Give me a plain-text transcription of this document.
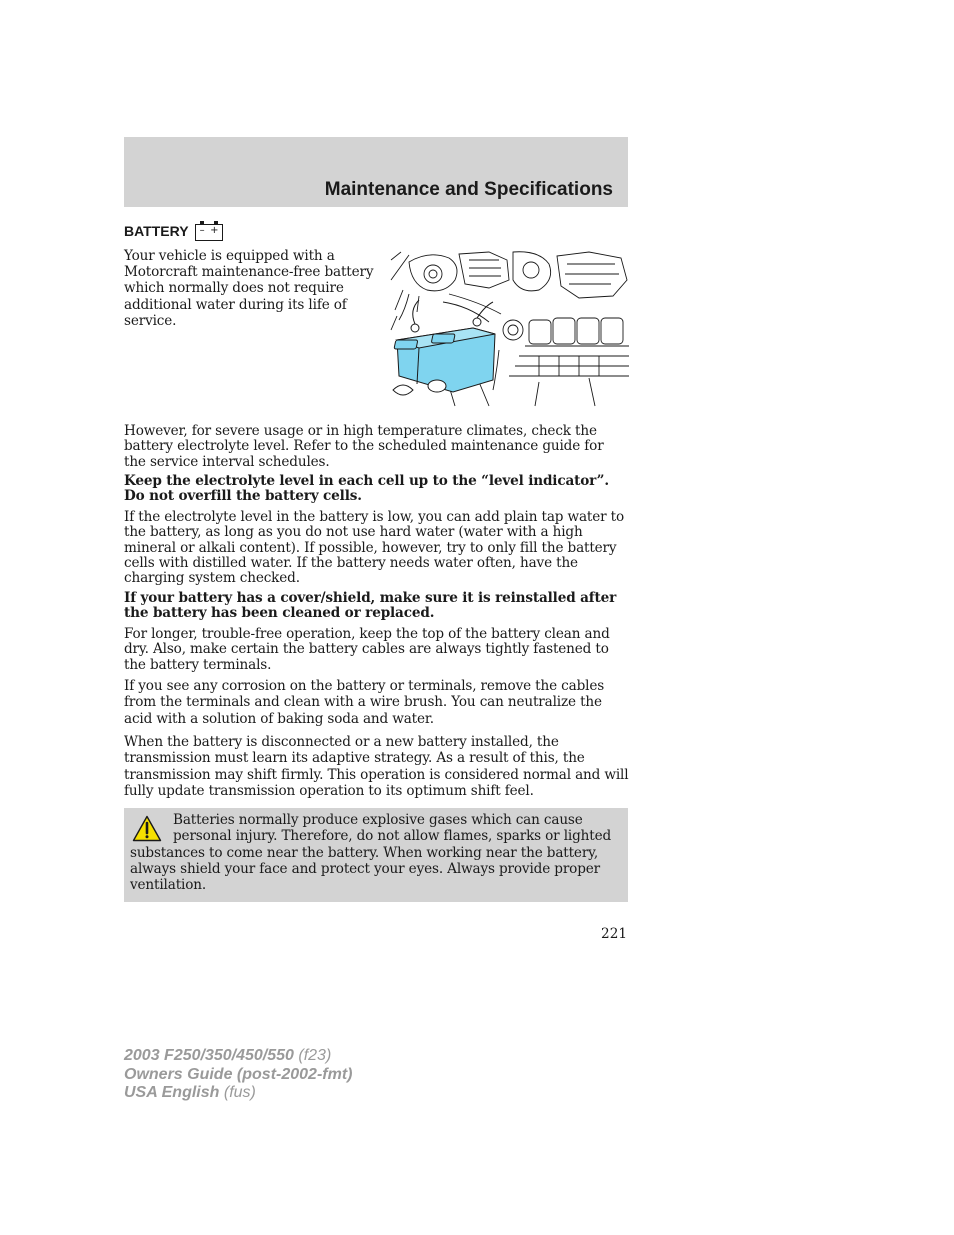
Maintenance and Specifications
BATTERY – +

Your vehicle is equipped with a Motorcraft maintenance-free battery which normally does not require additional water during its life of service.

However, for severe usage or in high temperature climates, check the battery electrolyte level. Refer to the scheduled maintenance guide for the service interval schedules.

Keep the electrolyte level in each cell up to the “level indicator”. Do not overfill the battery cells.

If the electrolyte level in the battery is low, you can add plain tap water to the battery, as long as you do not use hard water (water with a high mineral or alkali content). If possible, however, try to only fill the battery cells with distilled water. If the battery needs water often, have the charging system checked.

If your battery has a cover/shield, make sure it is reinstalled after the battery has been cleaned or replaced.

For longer, trouble-free operation, keep the top of the battery clean and dry. Also, make certain the battery cables are always tightly fastened to the battery terminals.

If you see any corrosion on the battery or terminals, remove the cables from the terminals and clean with a wire brush. You can neutralize the acid with a solution of baking soda and water.

When the battery is disconnected or a new battery installed, the transmission must learn its adaptive strategy. As a result of this, the transmission may shift firmly. This operation is considered normal and will fully update transmission operation to its optimum shift feel.

Batteries normally produce explosive gases which can cause personal injury. Therefore, do not allow flames, sparks or lighted substances to come near the battery. When working near the battery, always shield your face and protect your eyes. Always provide proper ventilation.

221
2003 F250/350/450/550 (f23)
Owners Guide (post-2002-fmt)
USA English (fus)
